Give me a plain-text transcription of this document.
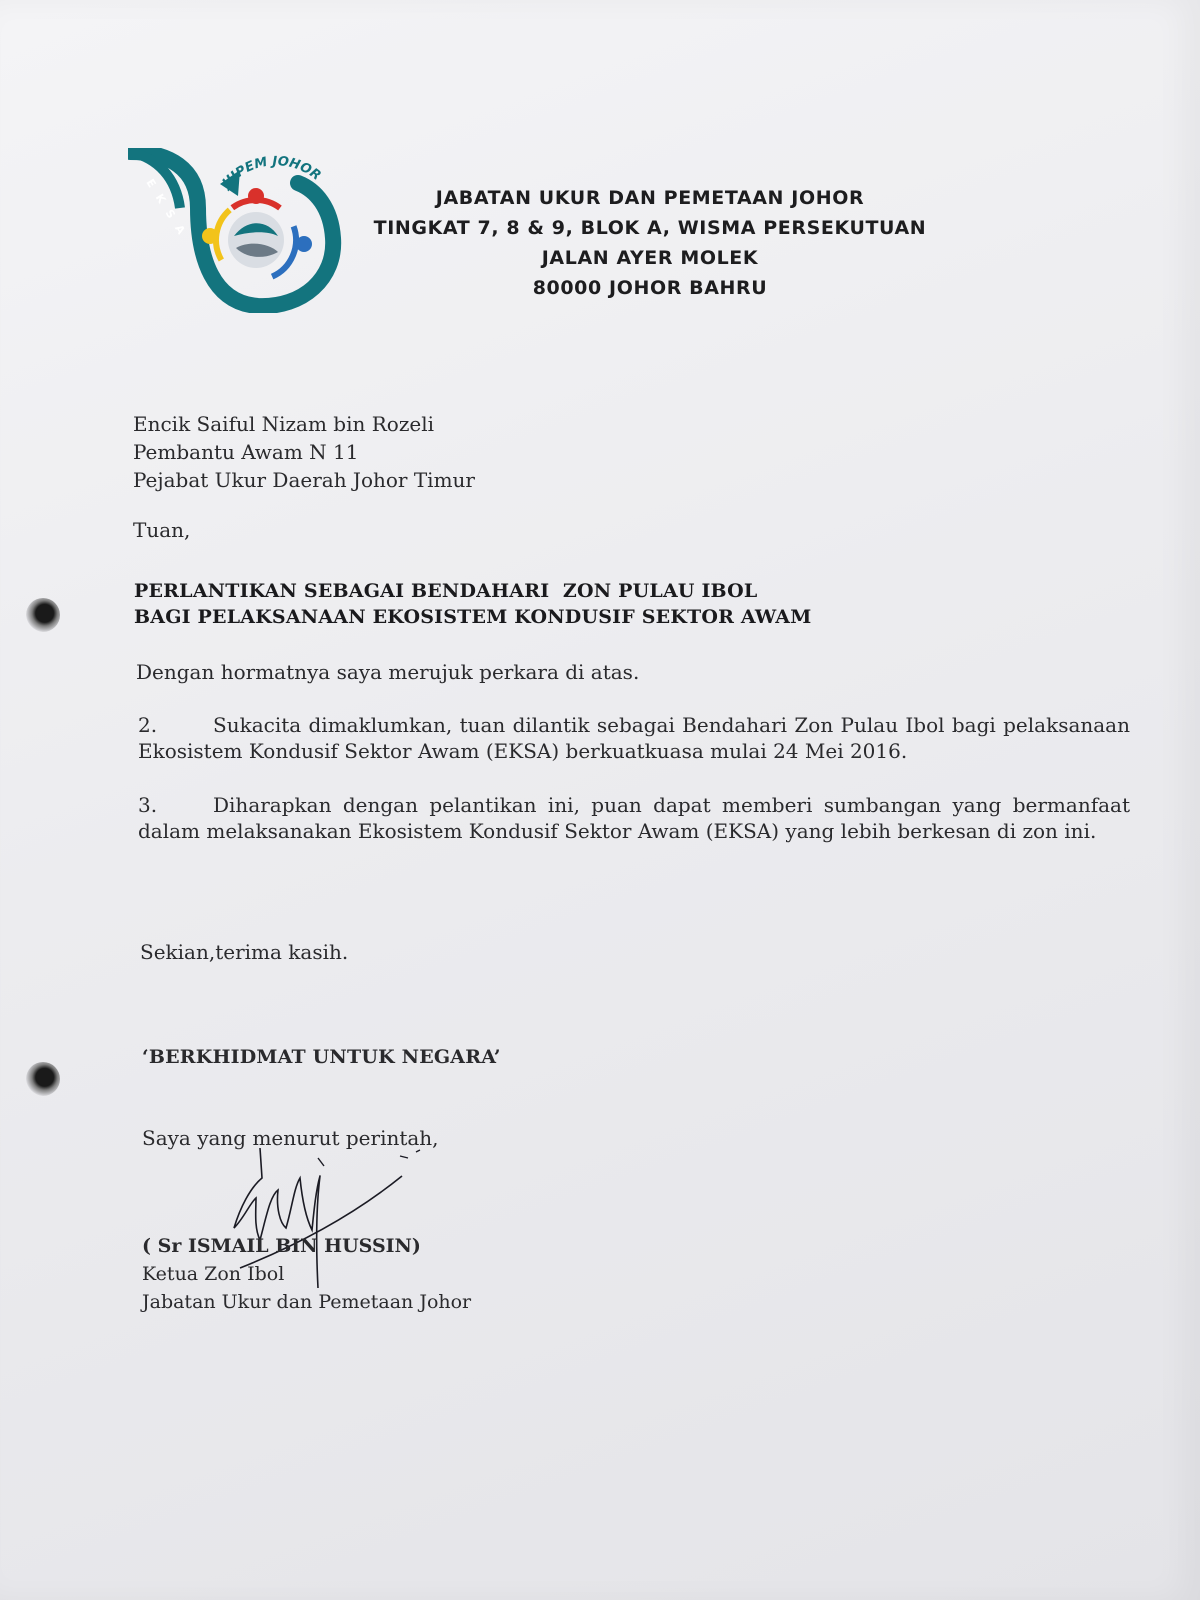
JUPEM JOHOR
EKSA	JABATAN UKUR DAN PEMETAAN JOHOR
TINGKAT 7, 8 & 9, BLOK A, WISMA PERSEKUTUAN
JALAN AYER MOLEK
80000 JOHOR BAHRU
Encik Saiful Nizam bin Rozeli
Pembantu Awam N 11
Pejabat Ukur Daerah Johor Timur
Tuan,
PERLANTIKAN SEBAGAI BENDAHARI  ZON PULAU IBOL
BAGI PELAKSANAAN EKOSISTEM KONDUSIF SEKTOR AWAM
Dengan hormatnya saya merujuk perkara di atas.
2.	Sukacita dimaklumkan, tuan dilantik sebagai Bendahari Zon Pulau Ibol bagi pelaksanaan Ekosistem Kondusif Sektor Awam (EKSA) berkuatkuasa mulai 24 Mei 2016.
3.	Diharapkan dengan pelantikan ini, puan dapat memberi sumbangan yang bermanfaat dalam melaksanakan Ekosistem Kondusif Sektor Awam (EKSA) yang lebih berkesan di zon ini.
Sekian,terima kasih.
‘BERKHIDMAT UNTUK NEGARA’
Saya yang menurut perintah,
( Sr ISMAIL BIN HUSSIN)
Ketua Zon Ibol
Jabatan Ukur dan Pemetaan Johor
